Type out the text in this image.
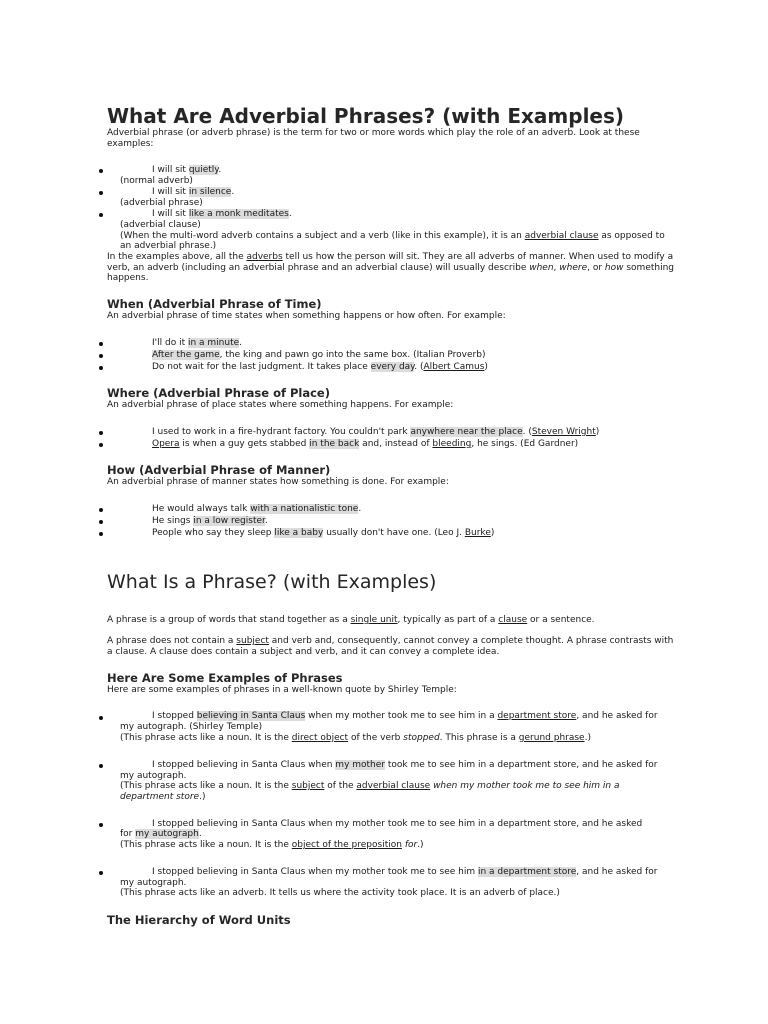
What Are Adverbial Phrases? (with Examples)

Adverbial phrase (or adverb phrase) is the term for two or more words which play the role of an adverb. Look at these

examples:

I will sit quietly.

(normal adverb)

I will sit in silence.

(adverbial phrase)

I will sit like a monk meditates.

(adverbial clause)

(When the multi-word adverb contains a subject and a verb (like in this example), it is an adverbial clause as opposed to

an adverbial phrase.)

In the examples above, all the adverbs tell us how the person will sit. They are all adverbs of manner. When used to modify a

verb, an adverb (including an adverbial phrase and an adverbial clause) will usually describe when, where, or how something

happens.

When (Adverbial Phrase of Time)

An adverbial phrase of time states when something happens or how often. For example:

I'll do it in a minute.

After the game, the king and pawn go into the same box. (Italian Proverb)

Do not wait for the last judgment. It takes place every day. (Albert Camus)

Where (Adverbial Phrase of Place)

An adverbial phrase of place states where something happens. For example:

I used to work in a fire-hydrant factory. You couldn't park anywhere near the place. (Steven Wright)

Opera is when a guy gets stabbed in the back and, instead of bleeding, he sings. (Ed Gardner)

How (Adverbial Phrase of Manner)

An adverbial phrase of manner states how something is done. For example:

He would always talk with a nationalistic tone.

He sings in a low register.

People who say they sleep like a baby usually don't have one. (Leo J. Burke)

What Is a Phrase? (with Examples)

A phrase is a group of words that stand together as a single unit, typically as part of a clause or a sentence.

A phrase does not contain a subject and verb and, consequently, cannot convey a complete thought. A phrase contrasts with

a clause. A clause does contain a subject and verb, and it can convey a complete idea.

Here Are Some Examples of Phrases

Here are some examples of phrases in a well-known quote by Shirley Temple:

I stopped believing in Santa Claus when my mother took me to see him in a department store, and he asked for

my autograph. (Shirley Temple)

(This phrase acts like a noun. It is the direct object of the verb stopped. This phrase is a gerund phrase.)

I stopped believing in Santa Claus when my mother took me to see him in a department store, and he asked for

my autograph.

(This phrase acts like a noun. It is the subject of the adverbial clause when my mother took me to see him in a

department store.)

I stopped believing in Santa Claus when my mother took me to see him in a department store, and he asked

for my autograph.

(This phrase acts like a noun. It is the object of the preposition for.)

I stopped believing in Santa Claus when my mother took me to see him in a department store, and he asked for

my autograph.

(This phrase acts like an adverb. It tells us where the activity took place. It is an adverb of place.)

The Hierarchy of Word Units
